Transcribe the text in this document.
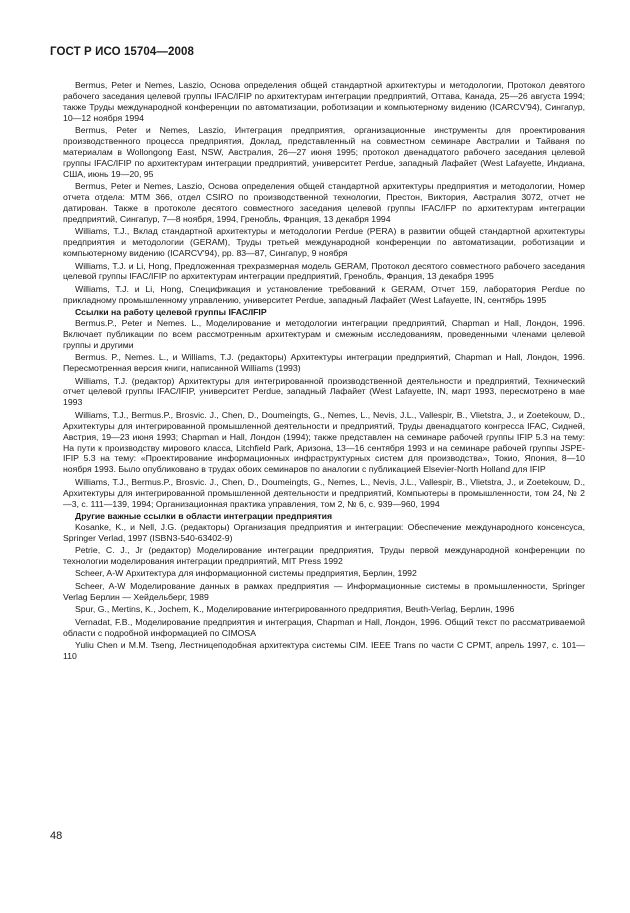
ГОСТ Р ИСО 15704—2008

Bermus, Peter и Nemes, Laszio, Основа определения общей стандартной архитектуры и методологии, Протокол девятого рабочего заседания целевой группы IFAC/IFIP по архитектурам интеграции предприятий, Оттава, Канада, 25—26 августа 1994; также Труды международной конференции по автоматизации, роботизации и компьютерному видению (ICARCV'94), Сингапур, 10—12 ноября 1994

Bermus, Peter и Nemes, Laszio, Интеграция предприятия, организационные инструменты для проектирования производственного процесса предприятия, Доклад, представленный на совместном семинаре Австралии и Тайваня по материалам в Wollongong East, NSW, Австралия, 26—27 июня 1995; протокол двенадцатого рабочего заседания целевой группы IFAC/IFIP по архитектурам интеграции предприятий, университет Perdue, западный Лафайет (West Lafayette, Индиана, США, июнь 19—20, 95

Bermus, Peter и Nemes, Laszio, Основа определения общей стандартной архитектуры предприятия и методологии, Номер отчета отдела: MTM 366, отдел CSIRO по производственной технологии, Престон, Виктория, Австралия 3072, отчет не датирован. Также в протоколе десятого совместного заседания целевой группы IFAC/IFP по архитектурам интеграции предприятий, Сингапур, 7—8 ноября, 1994, Гренобль, Франция, 13 декабря 1994

Williams, T.J., Вклад стандартной архитектуры и методологии Perdue (PERA) в развитии общей стандартной архитектуры предприятия и методологии (GERAM), Труды третьей международной конференции по автоматизации, роботизации и компьютерному видению (ICARCV'94), pp. 83—87, Сингапур, 9 ноября

Williams, T.J. и Li, Hong, Предложенная трехразмерная модель GERAM, Протокол десятого совместного рабочего заседания целевой группы IFAC/IFIP по архитектурам интеграции предприятий, Гренобль, Франция, 13 декабря 1995

Williams, T.J. и Li, Hong, Спецификация и установление требований к GERAM, Отчет 159, лаборатория Perdue по прикладному промышленному управлению, университет Perdue, западный Лафайет (West Lafayette, IN, сентябрь 1995

Ссылки на работу целевой группы IFAC/IFIP

Bermus.P., Peter и Nemes. L., Моделирование и методологии интеграции предприятий, Chapman и Hall, Лондон, 1996. Включает публикации по всем рассмотренным архитектурам и смежным исследованиям, проведенными членами целевой группы и другими

Bermus. P., Nemes. L., и Williams, T.J. (редакторы) Архитектуры интеграции предприятий, Chapman и Hall, Лондон, 1996. Пересмотренная версия книги, написанной Williams (1993)

Williams, T.J. (редактор) Архитектуры для интегрированной производственной деятельности и предприятий, Технический отчет целевой группы IFAC/IFIP, университет Perdue, западный Лафайет (West Lafayette, IN, март 1993, пересмотрено в мае 1993

Williams, T.J., Bermus.P., Brosvic. J., Chen, D., Doumeingts, G., Nemes, L., Nevis, J.L., Vallespir, B., Vlietstra, J., и Zoetekouw, D., Архитектуры для интегрированной промышленной деятельности и предприятий, Труды двенадцатого конгресса IFAC, Сидней, Австрия, 19—23 июня 1993; Chapman и Hall, Лондон (1994); также представлен на семинаре рабочей группы IFIP 5.3 на тему: На пути к производству мирового класса, Litchfield Park, Аризона, 13—16 сентября 1993 и на семинаре рабочей группы JSPE-IFIP 5.3 на тему: «Проектирование информационных инфраструктурных систем для производства», Токио, Япония, 8—10 ноября 1993. Было опубликовано в трудах обоих семинаров по аналогии с публикацией Elsevier-North Holland для IFIP

Williams, T.J., Bermus.P., Brosvic. J., Chen, D., Doumeingts, G., Nemes, L., Nevis, J.L., Vallespir, B., Vlietstra, J., и Zoetekouw, D., Архитектуры для интегрированной промышленной деятельности и предприятий, Компьютеры в промышленности, том 24, № 2—3, с. 111—139, 1994; Организационная практика управления, том 2, № 6, с. 939—960, 1994

Другие важные ссылки в области интеграции предприятия

Kosanke, K., и Nell, J.G. (редакторы) Организация предприятия и интеграции: Обеспечение международного консенсуса, Springer Verlad, 1997 (ISBN3-540-63402-9)

Petrie, C. J., Jr (редактор) Моделирование интеграции предприятия, Труды первой международной конференции по технологии моделирования интеграции предприятий, MIT Press 1992

Scheer, A-W Архитектура для информационной системы предприятия, Берлин, 1992

Scheer, A-W Моделирование данных в рамках предприятия — Информационные системы в промышленности, Springer Verlag Берлин — Хейдельберг, 1989

Spur, G., Mertins, K., Jochem, K., Моделирование интегрированного предприятия, Beuth-Verlag, Берлин, 1996

Vernadat, F.B., Моделирование предприятия и интеграция, Chapman и Hall, Лондон, 1996. Общий текст по рассматриваемой области с подробной информацией по CIMOSA

Yuliu Chen и M.M. Tseng, Лестницеподобная архитектура системы CIM. IEEE Trans по части C CPMT, апрель 1997, с. 101—110

48
